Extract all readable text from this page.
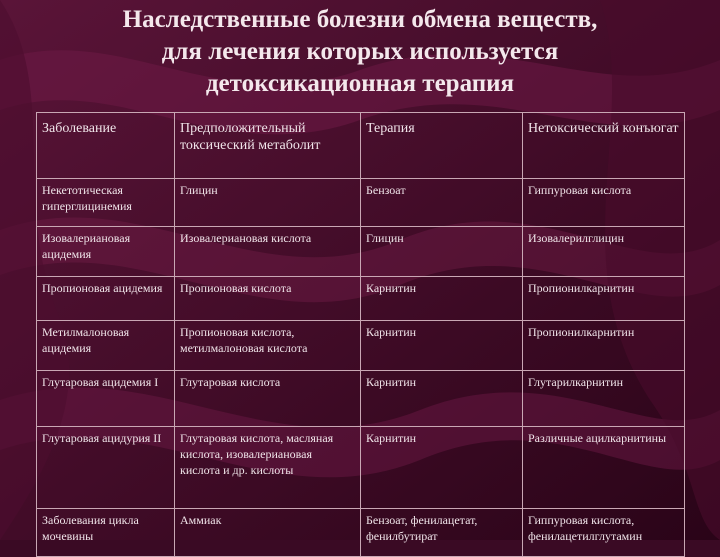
Наследственные болезни обмена веществ,
для лечения которых используется
детоксикационная терапия
Заболевание	Предположительный токсический метаболит	Терапия	Нетоксический конъюгат
Некетотическая гиперглицинемия	Глицин	Бензоат	Гиппуровая кислота
Изовалериановая ацидемия	Изовалериановая кислота	Глицин	Изовалерилглицин
Пропионовая ацидемия	Пропионовая кислота	Карнитин	Пропионилкарнитин
Метилмалоновая ацидемия	Пропионовая кислота, метилмалоновая кислота	Карнитин	Пропионилкарнитин
Глутаровая ацидемия I	Глутаровая кислота	Карнитин	Глутарилкарнитин
Глутаровая ацидурия II	Глутаровая кислота, масляная кислота, изовалериановая кислота и др. кислоты	Карнитин	Различные ацилкарнитины
Заболевания цикла мочевины	Аммиак	Бензоат, фенилацетат, фенилбутират	Гиппуровая кислота, фенилацетилглутамин
